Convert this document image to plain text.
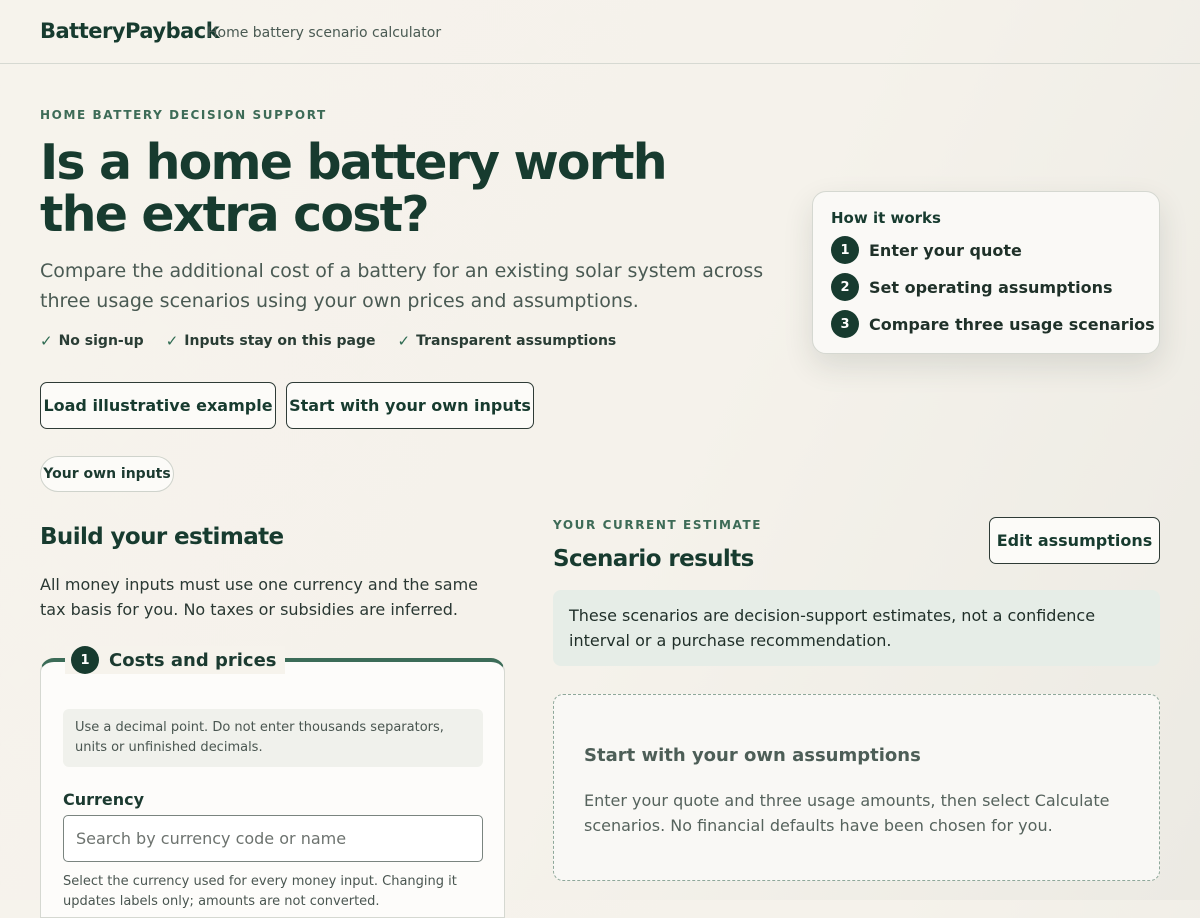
BatteryPayback
Home battery scenario calculator
HOME BATTERY DECISION SUPPORT
Is a home battery worth the extra cost?

Compare the additional cost of a battery for an existing solar system across three usage scenarios using your own prices and assumptions.

✓ No sign-up ✓ Inputs stay on this page ✓ Transparent assumptions
Load illustrative example Start with your own inputs
Your own inputs
How it works
1	Enter your quote
2	Set operating assumptions
3	Compare three usage scenarios
Build your estimate

All money inputs must use one currency and the same tax basis for you. No taxes or subsidies are inferred.

1	Costs and prices
Use a decimal point. Do not enter thousands separators, units or unfinished decimals.
Currency
Search by currency code or name
Select the currency used for every money input. Changing it updates labels only; amounts are not converted.
YOUR CURRENT ESTIMATE
Scenario results
Edit assumptions
These scenarios are decision-support estimates, not a confidence interval or a purchase recommendation.
Start with your own assumptions
Enter your quote and three usage amounts, then select Calculate scenarios. No financial defaults have been chosen for you.
